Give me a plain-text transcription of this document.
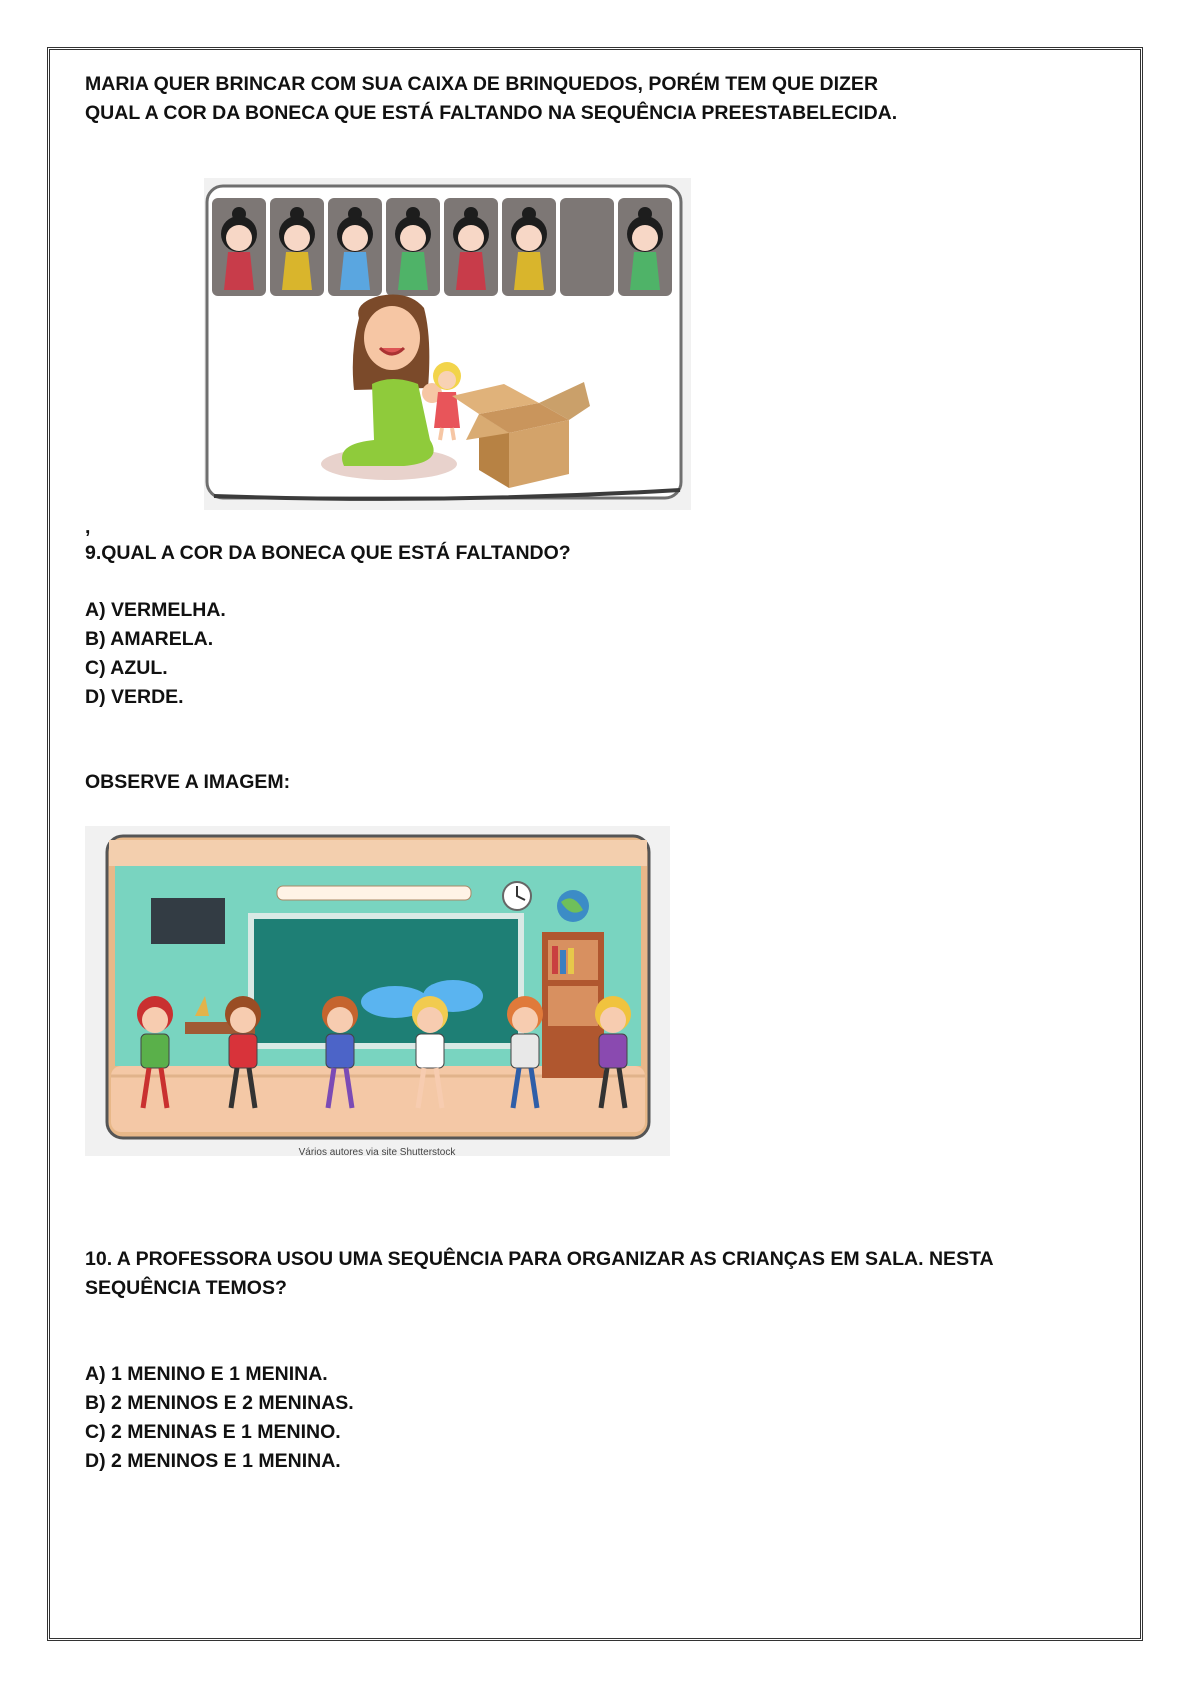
MARIA QUER BRINCAR COM SUA CAIXA DE BRINQUEDOS, PORÉM TEM QUE DIZER
QUAL A COR DA BONECA QUE ESTÁ FALTANDO NA SEQUÊNCIA PREESTABELECIDA.
,
9.QUAL A COR DA BONECA QUE ESTÁ FALTANDO?
A) VERMELHA.
B) AMARELA.
C) AZUL.
D) VERDE.
OBSERVE A IMAGEM:
Vários autores via site Shutterstock
10. A PROFESSORA USOU UMA SEQUÊNCIA PARA ORGANIZAR AS CRIANÇAS EM SALA. NESTA
SEQUÊNCIA TEMOS?
A) 1 MENINO E 1 MENINA.
B) 2 MENINOS E 2 MENINAS.
C) 2 MENINAS E 1 MENINO.
D) 2 MENINOS E 1 MENINA.
